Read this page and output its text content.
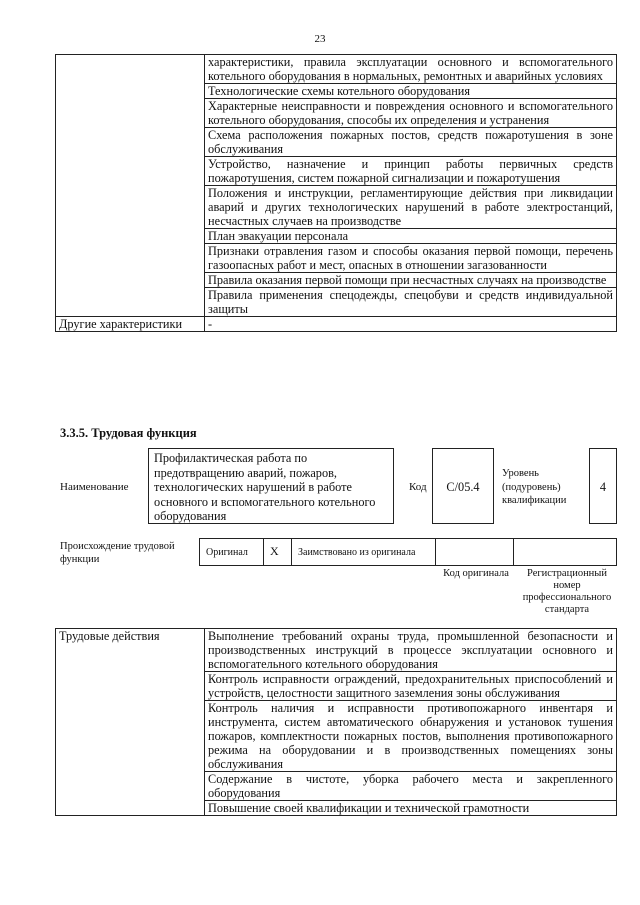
23
	характеристики, правила эксплуатации основного и вспомогательного котельного оборудования в нормальных, ремонтных и аварийных условиях
	Технологические схемы котельного оборудования
	Характерные неисправности и повреждения основного и вспомогательного котельного оборудования, способы их определения и устранения
	Схема расположения пожарных постов, средств пожаротушения в зоне обслуживания
	Устройство, назначение и принцип работы первичных средств пожаротушения, систем пожарной сигнализации и пожаротушения
	Положения и инструкции, регламентирующие действия при ликвидации аварий и других технологических нарушений в работе электростанций, несчастных случаев на производстве
	План эвакуации персонала
	Признаки отравления газом и способы оказания первой помощи, перечень газоопасных работ и мест, опасных в отношении загазованности
	Правила оказания первой помощи при несчастных случаях на производстве
	Правила применения спецодежды, спецобуви и средств индивидуальной защиты
Другие характеристики	-
3.3.5. Трудовая функция
Наименование
Профилактическая работа по предотвращению аварий, пожаров, технологических нарушений в работе основного и вспомогательного котельного оборудования
Код	C/05.4
Уровень (подуровень) квалификации
4
Происхождение трудовой функции
Оригинал X Заимствовано из оригинала
Код оригинала	Регистрационный номер профессионального стандарта
Трудовые действия	Выполнение требований охраны труда, промышленной безопасности и производственных инструкций в процессе эксплуатации основного и вспомогательного котельного оборудования
Контроль исправности ограждений, предохранительных приспособлений и устройств, целостности защитного заземления зоны обслуживания
Контроль наличия и исправности противопожарного инвентаря и инструмента, систем автоматического обнаружения и установок тушения пожаров, комплектности пожарных постов, выполнения противопожарного режима на оборудовании и в производственных помещениях зоны обслуживания
Содержание в чистоте, уборка рабочего места и закрепленного оборудования
Повышение своей квалификации и технической грамотности
